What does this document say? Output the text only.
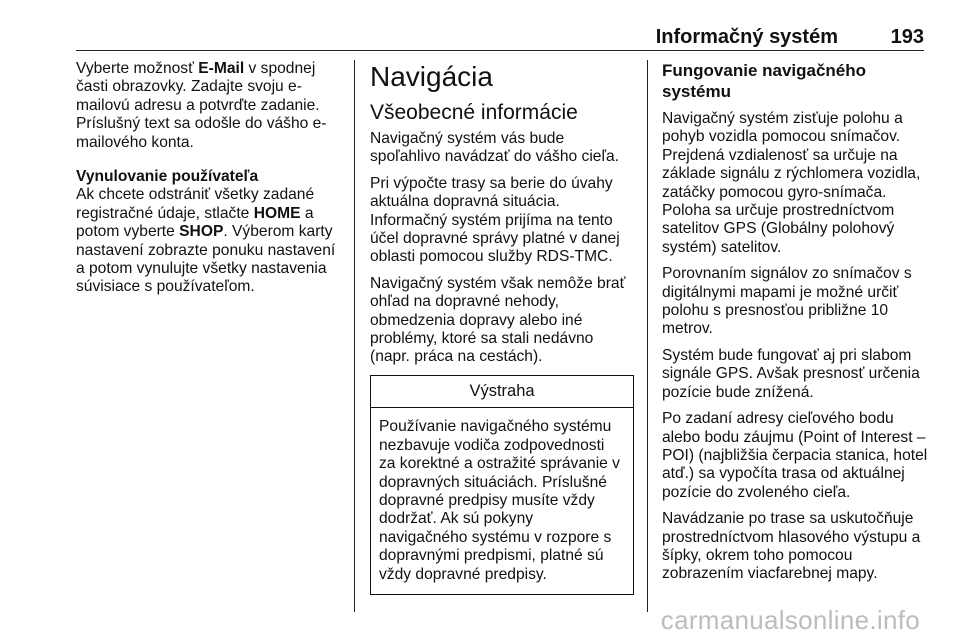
Informačný systém	193

Vyberte možnosť E-Mail v spodnej časti obrazovky. Zadajte svoju e-mailovú adresu a potvrďte zadanie. Príslušný text sa odošle do vášho e-mailového konta.

Vynulovanie používateľa

Ak chcete odstrániť všetky zadané registračné údaje, stlačte HOME a potom vyberte SHOP. Výberom karty nastavení zobrazte ponuku nastavení a potom vynulujte všetky nastavenia súvisiace s používateľom.

Navigácia
Všeobecné informácie

Navigačný systém vás bude spoľahlivo navádzať do vášho cieľa.

Pri výpočte trasy sa berie do úvahy aktuálna dopravná situácia. Informačný systém prijíma na tento účel dopravné správy platné v danej oblasti pomocou služby RDS-TMC.

Navigačný systém však nemôže brať ohľad na dopravné nehody, obmedzenia dopravy alebo iné problémy, ktoré sa stali nedávno (napr. práca na cestách).

Výstraha
Používanie navigačného systému nezbavuje vodiča zodpovednosti za korektné a ostražité správanie v dopravných situáciách. Príslušné dopravné predpisy musíte vždy dodržať. Ak sú pokyny navigačného systému v rozpore s dopravnými predpismi, platné sú vždy dopravné predpisy.
Fungovanie navigačného systému

Navigačný systém zisťuje polohu a pohyb vozidla pomocou snímačov. Prejdená vzdialenosť sa určuje na základe signálu z rýchlomera vozidla, zatáčky pomocou gyro-snímača. Poloha sa určuje prostredníctvom satelitov GPS (Globálny polohový systém) satelitov.

Porovnaním signálov zo snímačov s digitálnymi mapami je možné určiť polohu s presnosťou približne 10 metrov.

Systém bude fungovať aj pri slabom signále GPS. Avšak presnosť určenia pozície bude znížená.

Po zadaní adresy cieľového bodu alebo bodu záujmu (Point of Interest – POI) (najbližšia čerpacia stanica, hotel atď.) sa vypočíta trasa od aktuálnej pozície do zvoleného cieľa.

Navádzanie po trase sa uskutočňuje prostredníctvom hlasového výstupu a šípky, okrem toho pomocou zobrazením viacfarebnej mapy.

carmanualsonline.info
